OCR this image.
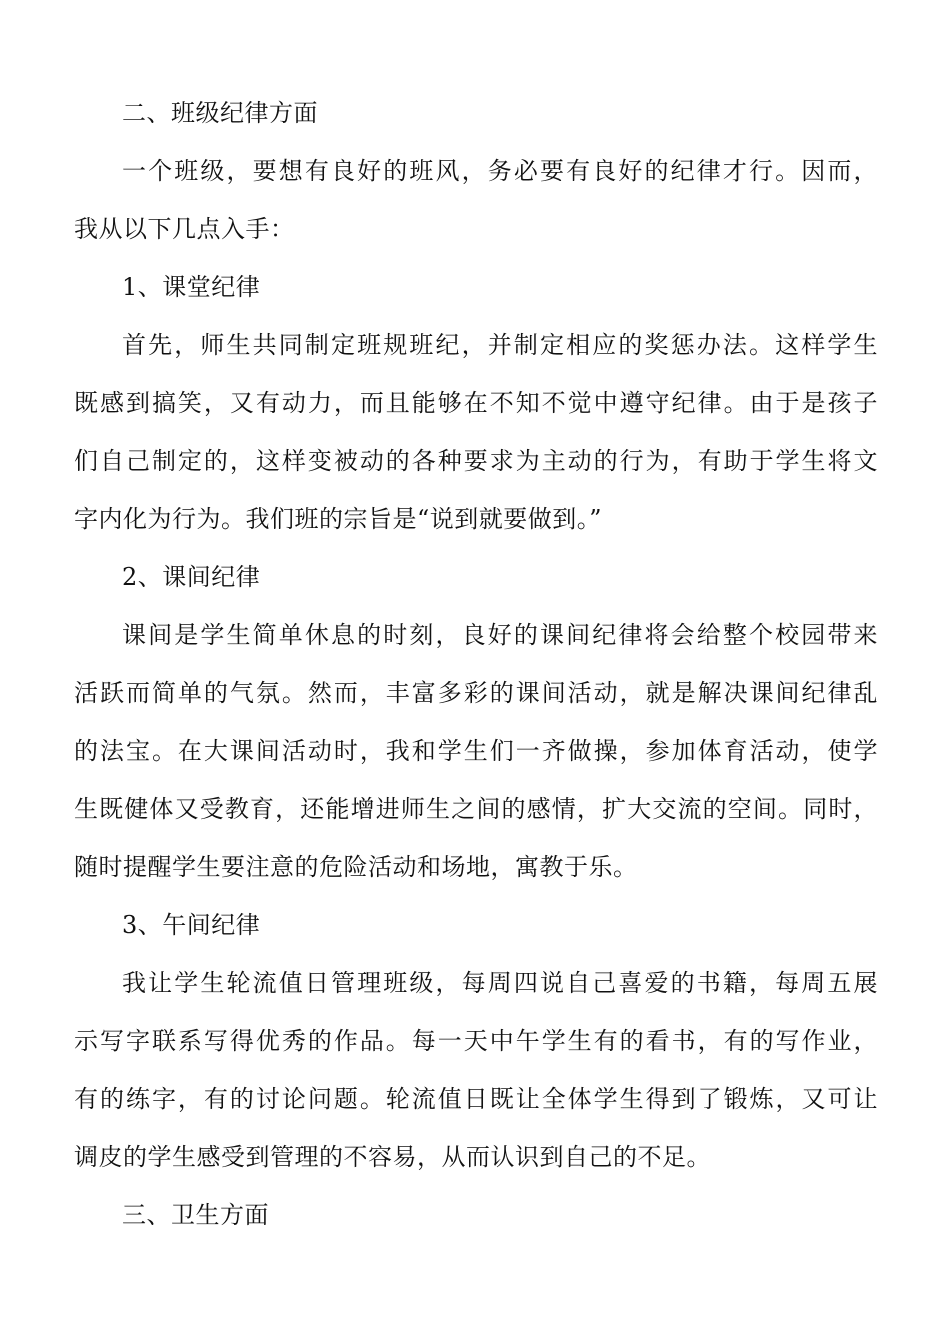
二、班级纪律方面
一个班级，要想有良好的班风，务必要有良好的纪律才行。因而，
我从以下几点入手：
1、课堂纪律
首先，师生共同制定班规班纪，并制定相应的奖惩办法。这样学生
既感到搞笑，又有动力，而且能够在不知不觉中遵守纪律。由于是孩子
们自己制定的，这样变被动的各种要求为主动的行为，有助于学生将文
字内化为行为。我们班的宗旨是“说到就要做到。”
2、课间纪律
课间是学生简单休息的时刻，良好的课间纪律将会给整个校园带来
活跃而简单的气氛。然而，丰富多彩的课间活动，就是解决课间纪律乱
的法宝。在大课间活动时，我和学生们一齐做操，参加体育活动，使学
生既健体又受教育，还能增进师生之间的感情，扩大交流的空间。同时，
随时提醒学生要注意的危险活动和场地，寓教于乐。
3、午间纪律
我让学生轮流值日管理班级，每周四说自己喜爱的书籍，每周五展
示写字联系写得优秀的作品。每一天中午学生有的看书，有的写作业，
有的练字，有的讨论问题。轮流值日既让全体学生得到了锻炼，又可让
调皮的学生感受到管理的不容易，从而认识到自己的不足。
三、卫生方面
